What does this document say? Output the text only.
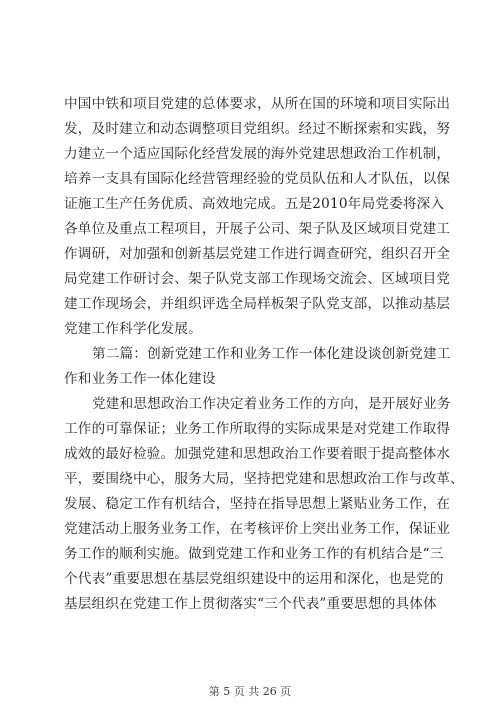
中国中铁和项目党建的总体要求，从所在国的环境和项目实际出
发，及时建立和动态调整项目党组织。经过不断探索和实践，努
力建立一个适应国际化经营发展的海外党建思想政治工作机制，
培养一支具有国际化经营管理经验的党员队伍和人才队伍，以保
证施工生产任务优质、高效地完成。五是2010年局党委将深入
各单位及重点工程项目，开展子公司、架子队及区域项目党建工
作调研，对加强和创新基层党建工作进行调查研究，组织召开全
局党建工作研讨会、架子队党支部工作现场交流会、区域项目党
建工作现场会，并组织评选全局样板架子队党支部，以推动基层
党建工作科学化发展。
第二篇：创新党建工作和业务工作一体化建设谈创新党建工
作和业务工作一体化建设
党建和思想政治工作决定着业务工作的方向，是开展好业务
工作的可靠保证；业务工作所取得的实际成果是对党建工作取得
成效的最好检验。加强党建和思想政治工作要着眼于提高整体水
平，要围绕中心，服务大局，坚持把党建和思想政治工作与改革、
发展、稳定工作有机结合，坚持在指导思想上紧贴业务工作，在
党建活动上服务业务工作，在考核评价上突出业务工作，保证业
务工作的顺利实施。做到党建工作和业务工作的有机结合是“三
个代表”重要思想在基层党组织建设中的运用和深化，也是党的
基层组织在党建工作上贯彻落实“三个代表”重要思想的具体体
第 5 页 共 26 页
